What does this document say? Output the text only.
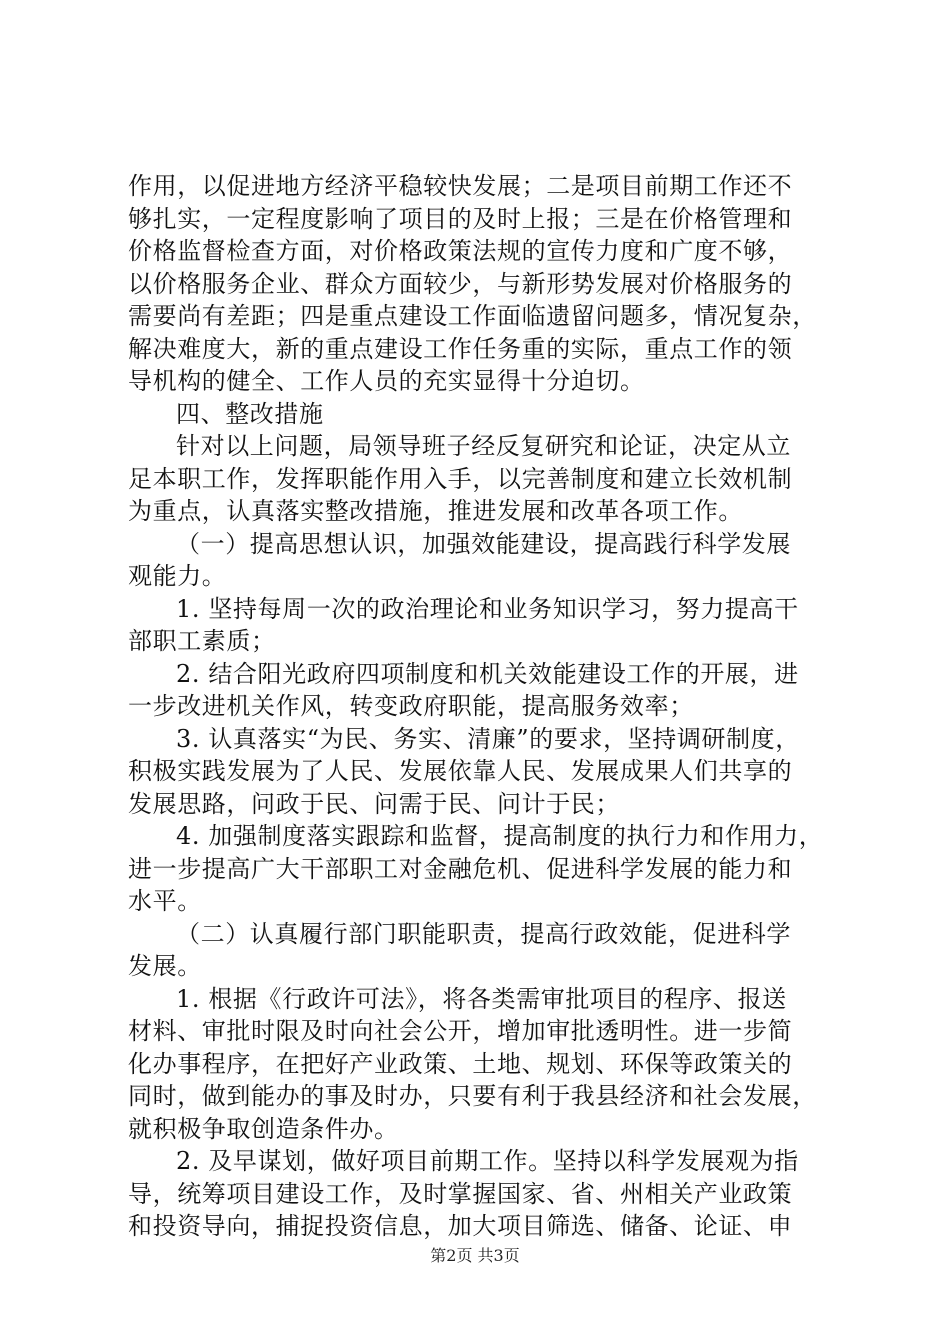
作用，以促进地方经济平稳较快发展；二是项目前期工作还不
够扎实，一定程度影响了项目的及时上报；三是在价格管理和
价格监督检查方面，对价格政策法规的宣传力度和广度不够，
以价格服务企业、群众方面较少，与新形势发展对价格服务的
需要尚有差距；四是重点建设工作面临遗留问题多，情况复杂，
解决难度大，新的重点建设工作任务重的实际，重点工作的领
导机构的健全、工作人员的充实显得十分迫切。
四、整改措施
针对以上问题，局领导班子经反复研究和论证，决定从立
足本职工作，发挥职能作用入手，以完善制度和建立长效机制
为重点，认真落实整改措施，推进发展和改革各项工作。
（一）提高思想认识，加强效能建设，提高践行科学发展
观能力。
1. 坚持每周一次的政治理论和业务知识学习，努力提高干
部职工素质；
2. 结合阳光政府四项制度和机关效能建设工作的开展，进
一步改进机关作风，转变政府职能，提高服务效率；
3. 认真落实“为民、务实、清廉”的要求，坚持调研制度，
积极实践发展为了人民、发展依靠人民、发展成果人们共享的
发展思路，问政于民、问需于民、问计于民；
4. 加强制度落实跟踪和监督，提高制度的执行力和作用力，
进一步提高广大干部职工对金融危机、促进科学发展的能力和
水平。
（二）认真履行部门职能职责，提高行政效能，促进科学
发展。
1. 根据《行政许可法》，将各类需审批项目的程序、报送
材料、审批时限及时向社会公开，增加审批透明性。进一步简
化办事程序，在把好产业政策、土地、规划、环保等政策关的
同时，做到能办的事及时办，只要有利于我县经济和社会发展，
就积极争取创造条件办。
2. 及早谋划，做好项目前期工作。坚持以科学发展观为指
导，统筹项目建设工作，及时掌握国家、省、州相关产业政策
和投资导向，捕捉投资信息，加大项目筛选、储备、论证、申
第2页 共3页
